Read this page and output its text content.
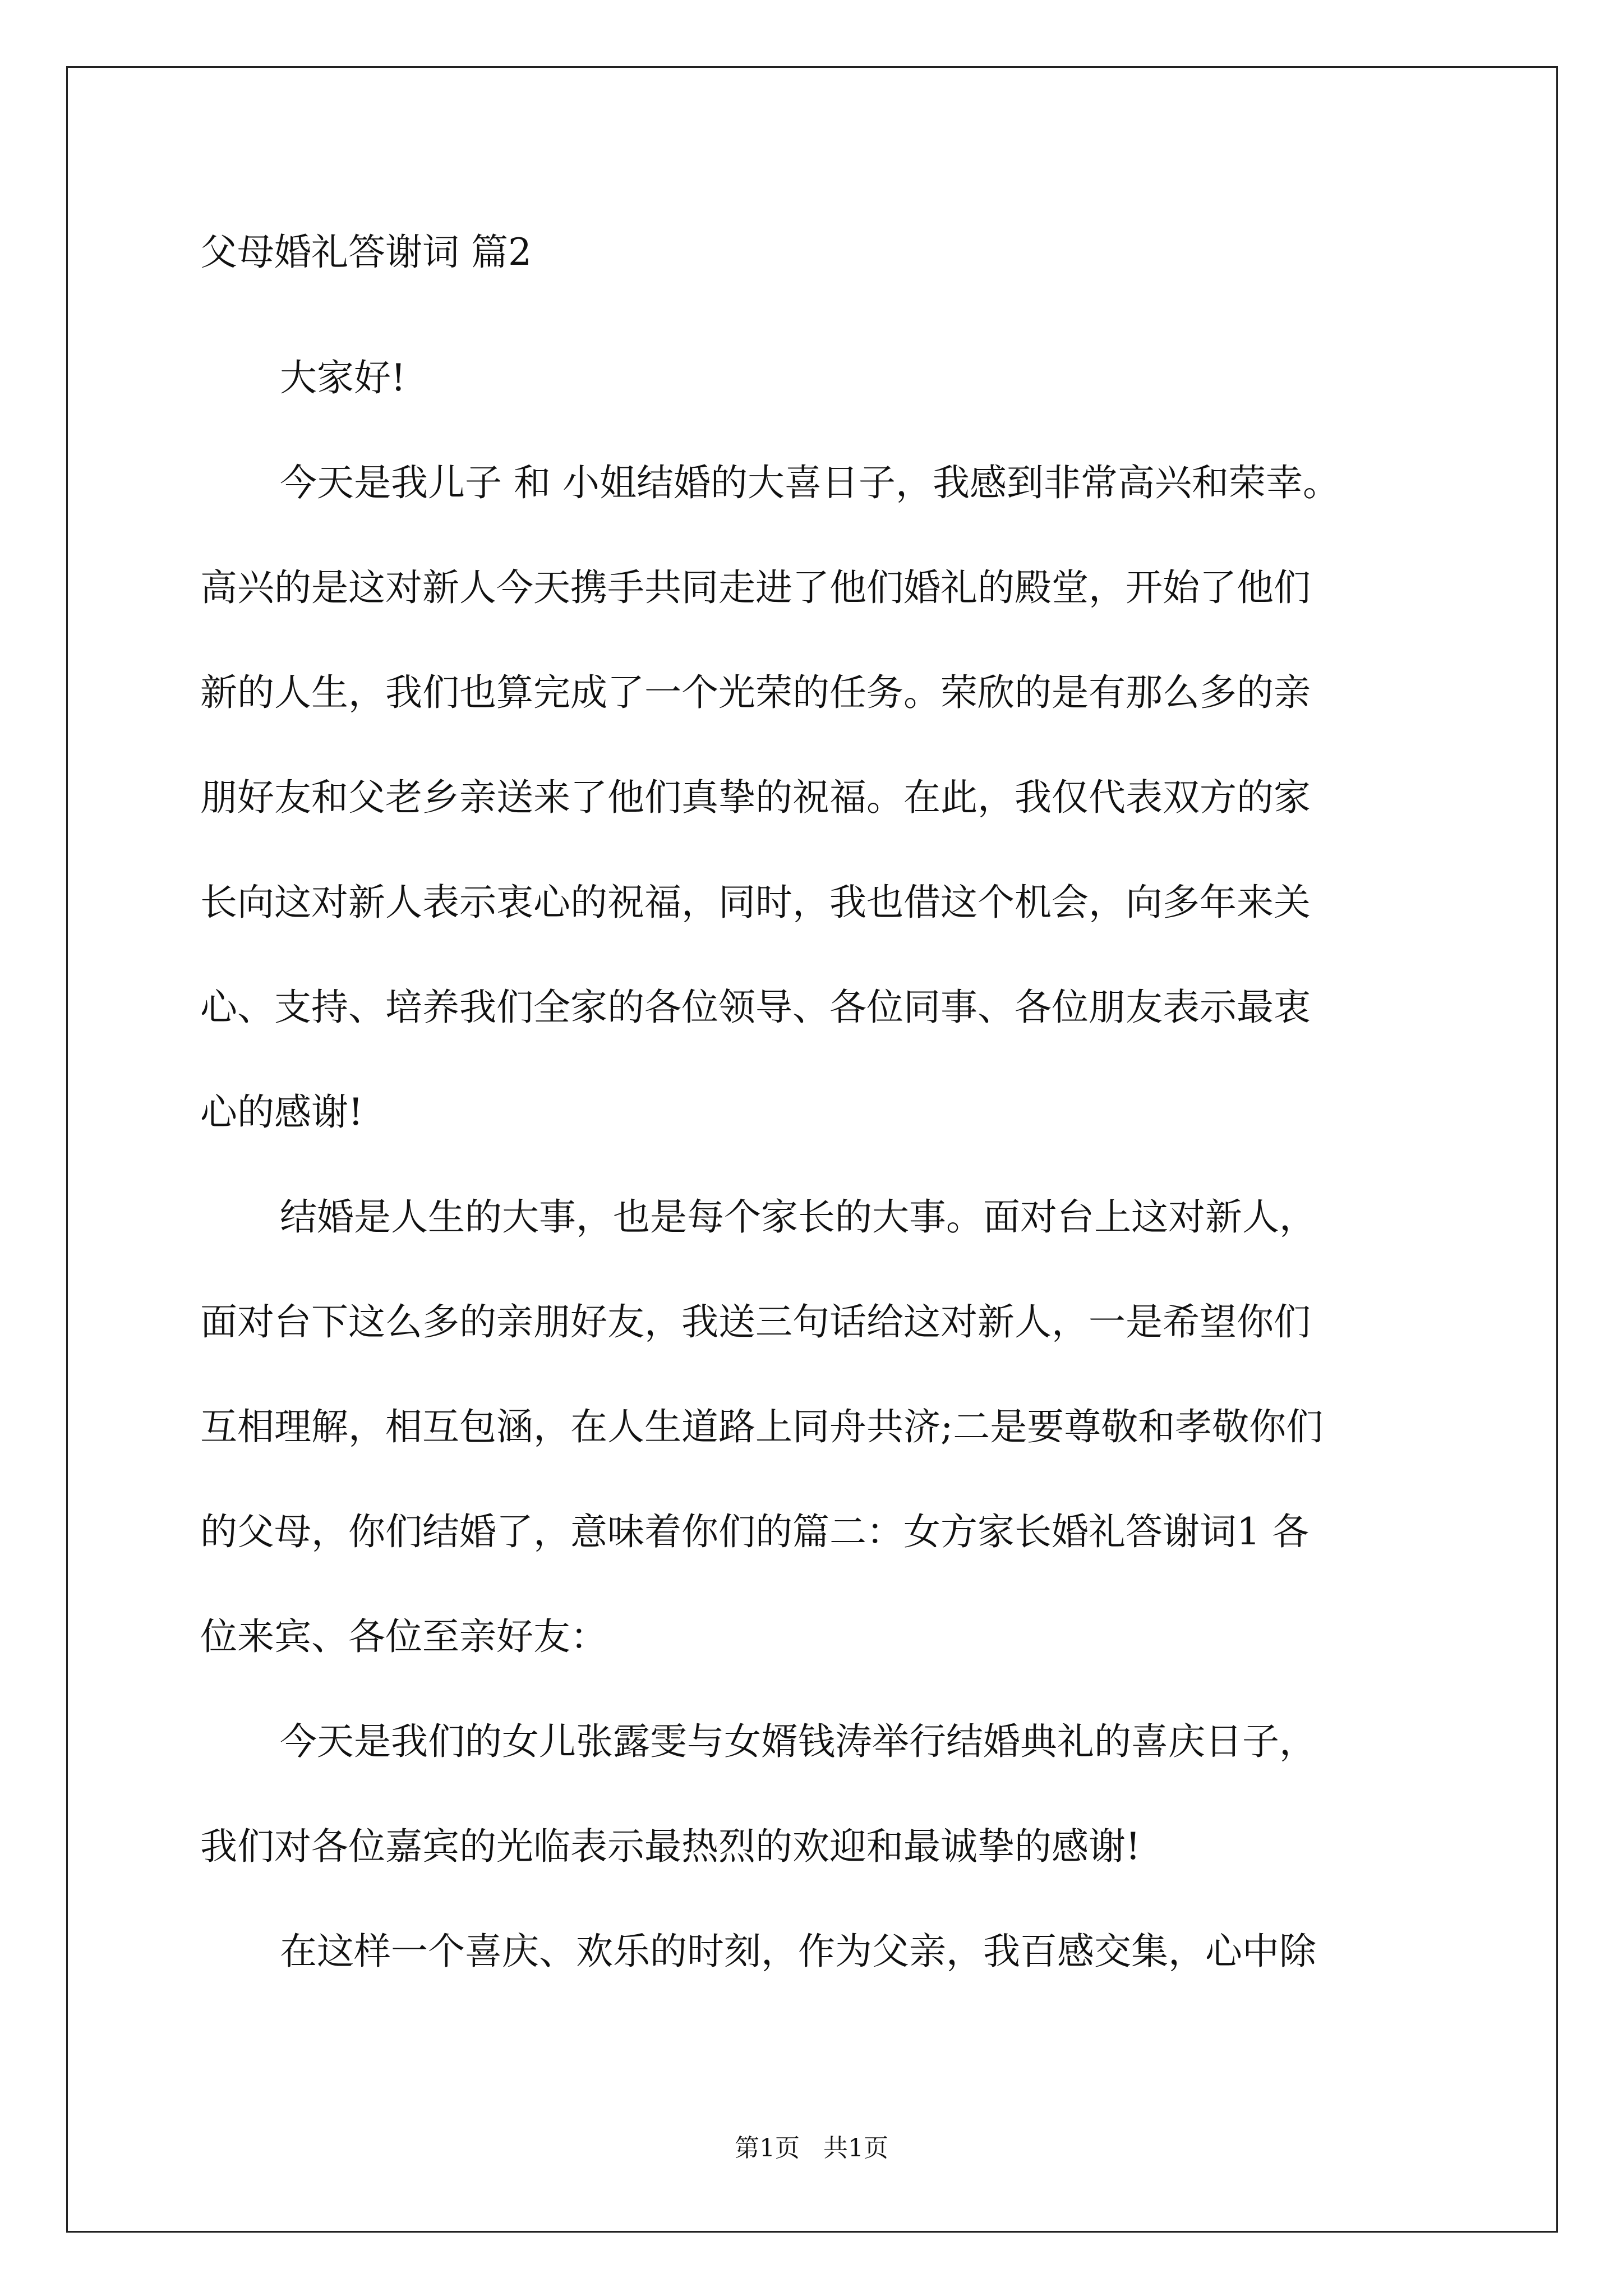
父母婚礼答谢词 篇2

大家好!

今天是我儿子 和 小姐结婚的大喜日子，我感到非常高兴和荣幸。
高兴的是这对新人今天携手共同走进了他们婚礼的殿堂，开始了他们
新的人生，我们也算完成了一个光荣的任务。荣欣的是有那么多的亲
朋好友和父老乡亲送来了他们真挚的祝福。在此，我仅代表双方的家
长向这对新人表示衷心的祝福，同时，我也借这个机会，向多年来关
心、支持、培养我们全家的各位领导、各位同事、各位朋友表示最衷
心的感谢!

结婚是人生的大事，也是每个家长的大事。面对台上这对新人，
面对台下这么多的亲朋好友，我送三句话给这对新人，一是希望你们
互相理解，相互包涵，在人生道路上同舟共济;二是要尊敬和孝敬你们
的父母，你们结婚了，意味着你们的篇二：女方家长婚礼答谢词1 各
位来宾、各位至亲好友：

今天是我们的女儿张露雯与女婿钱涛举行结婚典礼的喜庆日子，
我们对各位嘉宾的光临表示最热烈的欢迎和最诚挚的感谢!

在这样一个喜庆、欢乐的时刻，作为父亲，我百感交集，心中除

第1页   共1页
